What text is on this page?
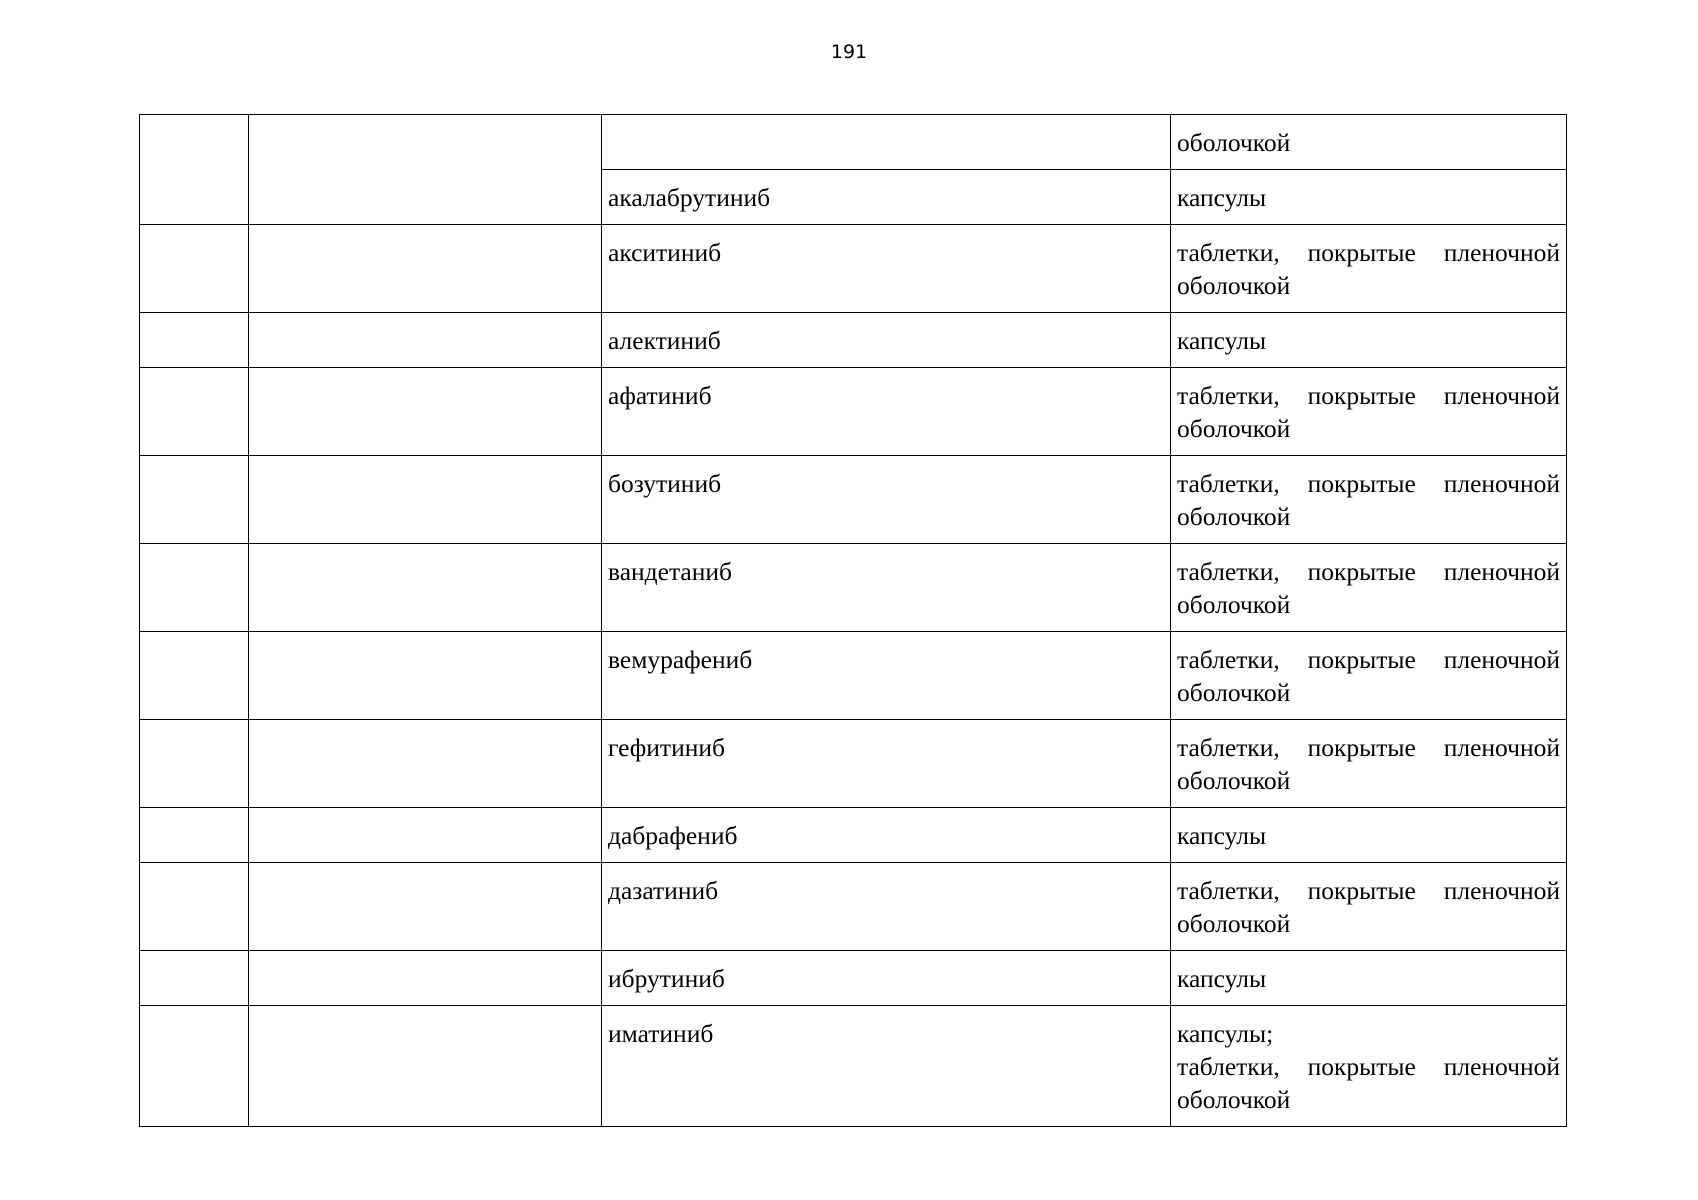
191

			оболочкой

		акалабрутиниб	капсулы

		акситиниб	таблетки, покрытые пленочной
оболочкой

		алектиниб	капсулы

		афатиниб	таблетки, покрытые пленочной
оболочкой

		бозутиниб	таблетки, покрытые пленочной
оболочкой

		вандетаниб	таблетки, покрытые пленочной
оболочкой

		вемурафениб	таблетки, покрытые пленочной
оболочкой

		гефитиниб	таблетки, покрытые пленочной
оболочкой

		дабрафениб	капсулы

		дазатиниб	таблетки, покрытые пленочной
оболочкой

		ибрутиниб	капсулы

		иматиниб	капсулы;
таблетки, покрытые пленочной
оболочкой
